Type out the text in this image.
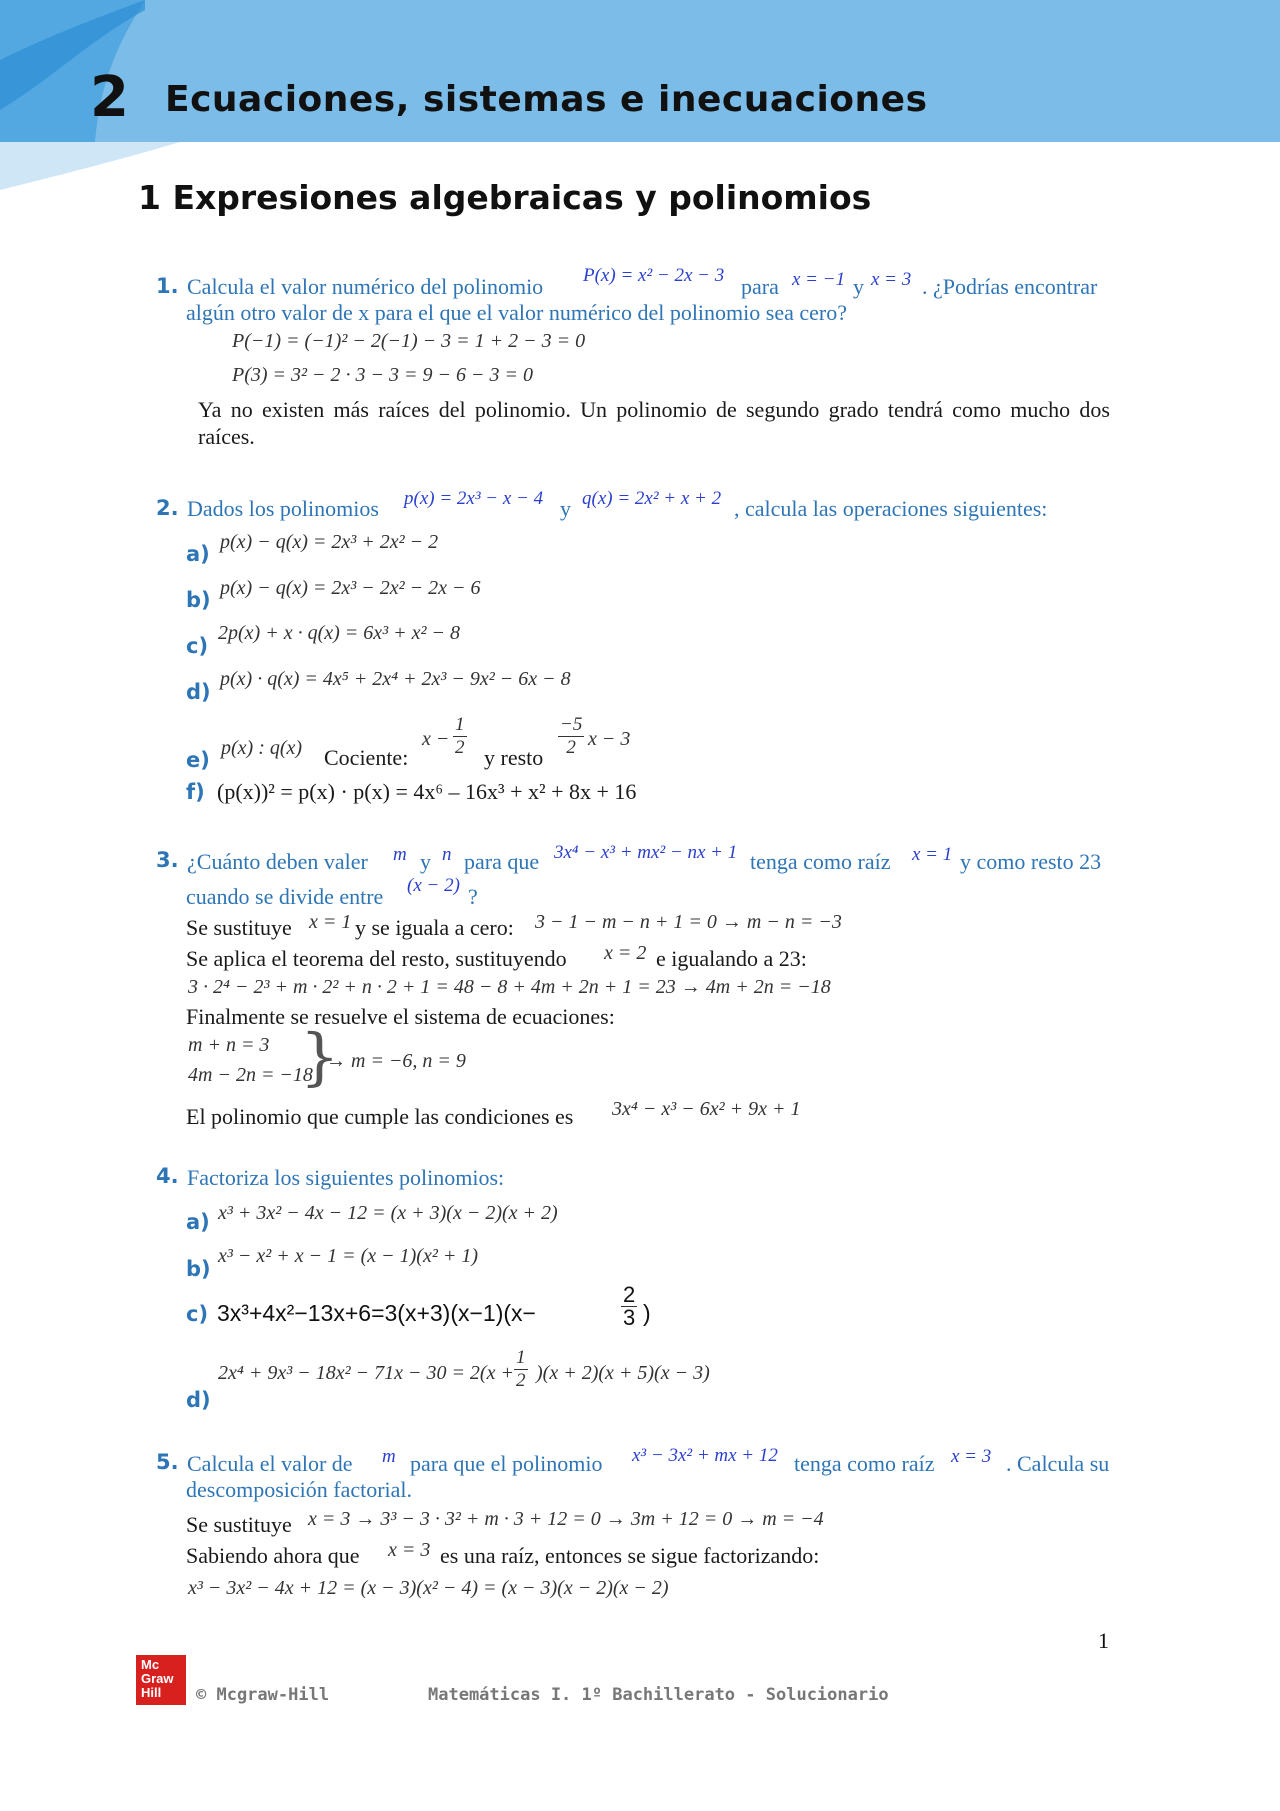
2 Ecuaciones, sistemas e inecuaciones
1 Expresiones algebraicas y polinomios
1. Calcula el valor numérico del polinomio P(x) = x² − 2x − 3 para x = −1 y x = 3 . ¿Podrías encontrar
algún otro valor de x para el que el valor numérico del polinomio sea cero?
P(−1) = (−1)² − 2(−1) − 3 = 1 + 2 − 3 = 0
P(3) = 3² − 2 · 3 − 3 = 9 − 6 − 3 = 0
Ya no existen más raíces del polinomio. Un polinomio de segundo grado tendrá como mucho dos raíces.
2. Dados los polinomios p(x) = 2x³ − x − 4 y q(x) = 2x² + x + 2 , calcula las operaciones siguientes:
a) p(x) − q(x) = 2x³ + 2x² − 2
b) p(x) − q(x) = 2x³ − 2x² − 2x − 6
c)
2p(x) + x · q(x) = 6x³ + x² − 8
d)
p(x) · q(x) = 4x⁵ + 2x⁴ + 2x³ − 9x² − 6x − 8
e) p(x) : q(x) Cociente:
$x - \frac{1}{2}$ y resto $\frac{-5}{2}$ x − 3
f) (p(x))² = p(x) · p(x) = 4x⁶ – 16x³ + x² + 8x + 16
3. ¿Cuánto deben valer m y n para que 3x⁴ − x³ + mx² − nx + 1 tenga como raíz x = 1 y como resto 23
cuando se divide entre (x − 2) ?
Se sustituye x = 1 y se iguala a cero: 3 − 1 − m − n + 1 = 0 → m − n = −3
Se aplica el teorema del resto, sustituyendo x = 2 e igualando a 23:
3 · 2⁴ − 2³ + m · 2² + n · 2 + 1 = 48 − 8 + 4m + 2n + 1 = 23 → 4m + 2n = −18
Finalmente se resuelve el sistema de ecuaciones:
m + n = 3
4m − 2n = −18
}
→ m = −6, n = 9
El polinomio que cumple las condiciones es 3x⁴ − x³ − 6x² + 9x + 1
4. Factoriza los siguientes polinomios:
a) x³ + 3x² − 4x − 12 = (x + 3)(x − 2)(x + 2)
b)
x³ − x² + x − 1 = (x − 1)(x² + 1)
c) 3x³+4x²−13x+6=3(x+3)(x−1)(x−	$\frac{2}{3}$ )
$2x^4 + 9x^3 - 18x^2 - 71x - 30 = 2(x + \frac{1}{2} )(x + 2)(x + 5)(x - 3)$
d)
5. Calcula el valor de m para que el polinomio x³ − 3x² + mx + 12 tenga como raíz x = 3 . Calcula su
descomposición factorial.
Se sustituye x = 3 → 3³ − 3 · 3² + m · 3 + 12 = 0 → 3m + 12 = 0 → m = −4
Sabiendo ahora que x = 3 es una raíz, entonces se sigue factorizando:
x³ − 3x² − 4x + 12 = (x − 3)(x² − 4) = (x − 3)(x − 2)(x − 2)
1
Mc Graw Hill	© Mcgraw-Hill	Matemáticas I. 1º Bachillerato - Solucionario
